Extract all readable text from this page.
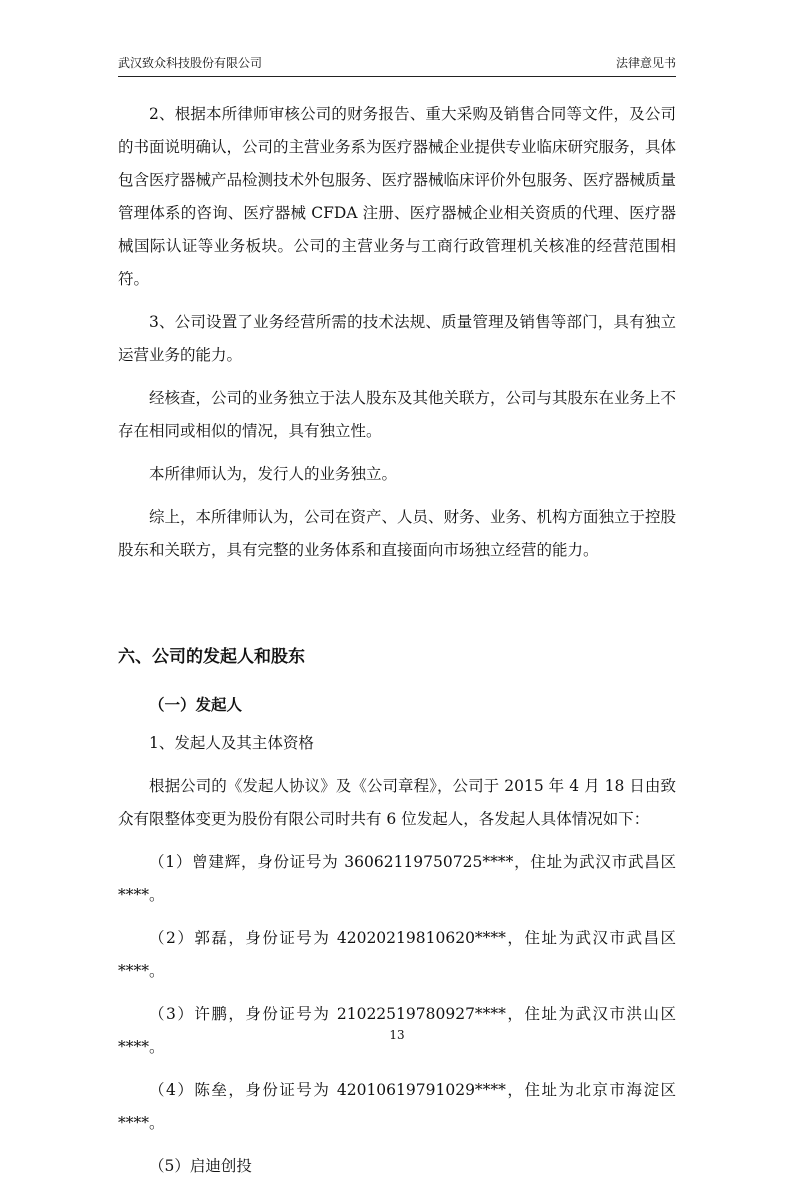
武汉致众科技股份有限公司	法律意见书

2、根据本所律师审核公司的财务报告、重大采购及销售合同等文件，及公司的书面说明确认，公司的主营业务系为医疗器械企业提供专业临床研究服务，具体包含医疗器械产品检测技术外包服务、医疗器械临床评价外包服务、医疗器械质量管理体系的咨询、医疗器械 CFDA 注册、医疗器械企业相关资质的代理、医疗器械国际认证等业务板块。公司的主营业务与工商行政管理机关核准的经营范围相符。

3、公司设置了业务经营所需的技术法规、质量管理及销售等部门，具有独立运营业务的能力。

经核查，公司的业务独立于法人股东及其他关联方，公司与其股东在业务上不存在相同或相似的情况，具有独立性。

本所律师认为，发行人的业务独立。

综上，本所律师认为，公司在资产、人员、财务、业务、机构方面独立于控股股东和关联方，具有完整的业务体系和直接面向市场独立经营的能力。

六、公司的发起人和股东
（一）发起人

1、发起人及其主体资格

根据公司的《发起人协议》及《公司章程》，公司于 2015 年 4 月 18 日由致众有限整体变更为股份有限公司时共有 6 位发起人，各发起人具体情况如下：

（1）曾建辉，身份证号为 36062119750725****，住址为武汉市武昌区****。

（2）郭磊，身份证号为 42020219810620****，住址为武汉市武昌区****。

（3）许鹏，身份证号为 21022519780927****，住址为武汉市洪山区****。

（4）陈垒，身份证号为 42010619791029****，住址为北京市海淀区****。

（5）启迪创投

13
